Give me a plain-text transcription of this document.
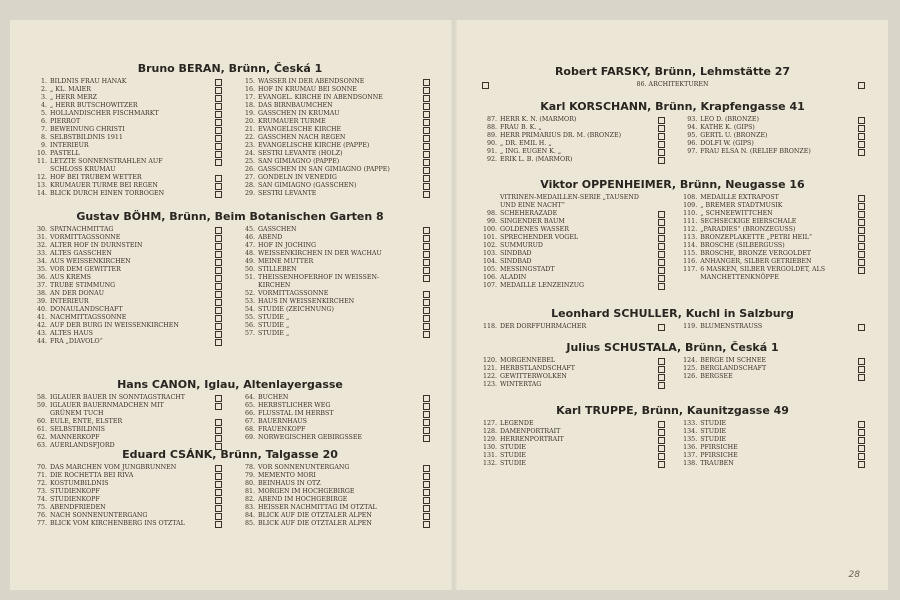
Bruno BERAN, Brünn, Česká 1
1. BILDNIS FRAU HANAK
2. „ KL. MAIER
3. „ HERR MERZ
4. „ HERR BUTSCHOWITZER
5. HOLLÄNDISCHER FISCHMARKT
6. PIERROT
7. BEWEINUNG CHRISTI
8. SELBSTBILDNIS 1911
9. INTERIEUR
10. PASTELL
11. LETZTE SONNENSTRAHLEN AUF
SCHLOSS KRUMAU
12. HOF BEI TRÜBEM WETTER
13. KRUMAUER TÜRME BEI REGEN
14. BLICK DURCH EINEN TORBOGEN
15. WASSER IN DER ABENDSONNE
16. HOF IN KRUMAU BEI SONNE
17. EVANGEL. KIRCHE IN ABENDSONNE
18. DAS BIRNBÄUMCHEN
19. GÄSSCHEN IN KRUMAU
20. KRUMAUER TÜRME
21. EVANGELISCHE KIRCHE
22. GÄSSCHEN NACH REGEN
23. EVANGELISCHE KIRCHE (PAPPE)
24. SESTRI LEVANTE (HOLZ)
25. SAN GIMIAGNO (PAPPE)
26. GÄSSCHEN IN SAN GIMIAGNO (PAPPE)
27. GONDELN IN VENEDIG
28. SAN GIMIAGNO (GÄSSCHEN)
29. SESTRI LEVANTE
Gustav BÖHM, Brünn, Beim Botanischen Garten 8
30. SPÄTNACHMITTAG
31. VORMITTAGSSONNE
32. ALTER HOF IN DÜRNSTEIN
33. ALTES GÄSSCHEN
34. AUS WEISSENKIRCHEN
35. VOR DEM GEWITTER
36. AUS KREMS
37. TRÜBE STIMMUNG
38. AN DER DONAU
39. INTERIEUR
40. DONAULANDSCHAFT
41. NACHMITTAGSSONNE
42. AUF DER BURG IN WEISSENKIRCHEN
43. ALTES HAUS
44. FRA „DIAVOLO“
45. GÄSSCHEN
46. ABEND
47. HOF IN JOCHING
48. WEISSENKIRCHEN IN DER WACHAU
49. MEINE MUTTER
50. STILLEBEN
51. THEISSENHOFERHOF IN WEISSEN-
KIRCHEN
52. VORMITTAGSSONNE
53. HAUS IN WEISSENKIRCHEN
54. STUDIE (ZEICHNUNG)
55. STUDIE „
56. STUDIE „
57. STUDIE „
Hans CANON, Iglau, Altenlayergasse
58. IGLAUER BAUER IN SONNTAGSTRACHT
59. IGLAUER BAUERNMÄDCHEN MIT
GRÜNEM TUCH
60. EULE, ENTE, ELSTER
61. SELBSTBILDNIS
62. MÄNNERKOPF
63. AUERLANDSFJORD
64. BUCHEN
65. HERBSTLICHER WEG
66. FLUSSTAL IM HERBST
67. BAUERNHAUS
68. FRAUENKOPF
69. NORWEGISCHER GEBIRGSSEE
Eduard CSÁNK, Brünn, Talgasse 20
70. DAS MÄRCHEN VOM JUNGBRUNNEN
71. DIE ROCHETTA BEI RIVA
72. KOSTÜMBILDNIS
73. STUDIENKOPF
74. STUDIENKOPF
75. ABENDFRIEDEN
76. NACH SONNENUNTERGANG
77. BLICK VOM KIRCHENBERG INS ÖTZTAL
78. VOR SONNENUNTERGANG
79. MEMENTO MORI
80. BEINHAUS IN ÖTZ
81. MORGEN IM HOCHGEBIRGE
82. ABEND IM HOCHGEBIRGE
83. HEISSER NACHMITTAG IM ÖTZTAL
84. BLICK AUF DIE ÖTZTALER ALPEN
85. BLICK AUF DIE ÖTZTALER ALPEN
Robert FARSKY, Brünn, Lehmstätte 27
86. ARCHITEKTUREN
Karl KORSCHANN, Brünn, Krapfengasse 41
87. HERR K. N. (MARMOR)
88. FRAU B. K. „
89. HERR PRIMARIUS DR. M. (BRONZE)
90. „ DR. EMIL H. „
91. „ ING. EUGEN K. „
92. ERIK L. B. (MARMOR)
93. LEO D. (BRONZE)
94. KÄTHE K. (GIPS)
95. GERTL U. (BRONZE)
96. DOLFI W. (GIPS)
97. FRAU ELSA N. (RELIEF BRONZE)
Viktor OPPENHEIMER, Brünn, Neugasse 16
VITRINEN-MEDAILLEN-SERIE „TAUSEND
UND EINE NACHT“
98. SCHEHERAZADE
99. SINGENDER BAUM
100. GOLDENES WASSER
101. SPRECHENDER VOGEL
102. SUMMURUD
103. SINDBAD
104. SINDBAD
105. MESSINGSTADT
106. ALADIN
107. MEDAILLE LENZEINZUG
108. MEDAILLE EXTRAPOST
109. „ BREMER STADTMUSIK
110. „ SCHNEEWITTCHEN
111. SECHSECKIGE EIERSCHALE
112. „PARADIES“ (BRONZEGUSS)
113. BRONZEPLAKETTE „PETRI HEIL“
114. BROSCHE (SILBERGUSS)
115. BROSCHE, BRONZE VERGOLDET
116. ANHÄNGER, SILBER GETRIEBEN
117. 6 MASKEN, SILBER VERGOLDET, ALS
MANCHETTENKNÖPFE
Leonhard SCHULLER, Kuchl in Salzburg
118. DER DORFFUHRMACHER	119. BLUMENSTRAUSS
Julius SCHUSTALA, Brünn, Česká 1
120. MORGENNEBEL
121. HERBSTLANDSCHAFT
122. GEWITTERWOLKEN
123. WINTERTAG
124. BERGE IM SCHNEE
125. BERGLANDSCHAFT
126. BERGSEE
Karl TRUPPE, Brünn, Kaunitzgasse 49
127. LEGENDE
128. DAMENPORTRAIT
129. HERRENPORTRAIT
130. STUDIE
131. STUDIE
132. STUDIE
133. STUDIE
134. STUDIE
135. STUDIE
136. PFIRSICHE
137. PFIRSICHE
138. TRAUBEN
28
